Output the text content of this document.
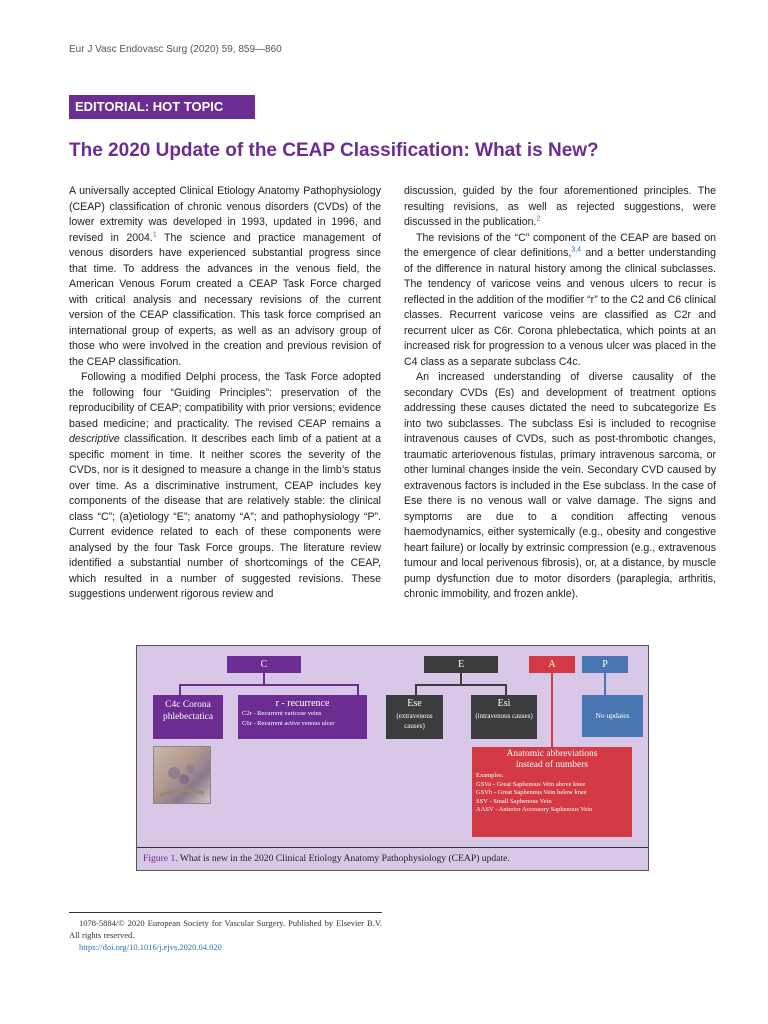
Eur J Vasc Endovasc Surg (2020) 59, 859—860
EDITORIAL: HOT TOPIC
The 2020 Update of the CEAP Classification: What is New?

A universally accepted Clinical Etiology Anatomy Pathophysiology (CEAP) classification of chronic venous disorders (CVDs) of the lower extremity was developed in 1993, updated in 1996, and revised in 2004.$^1$ The science and practice management of venous disorders have experienced substantial progress since that time. To address the advances in the venous field, the American Venous Forum created a CEAP Task Force charged with critical analysis and necessary revisions of the current version of the CEAP classification. This task force comprised an international group of experts, as well as an advisory group of those who were involved in the creation and previous revision of the CEAP classification.

Following a modified Delphi process, the Task Force adopted the following four “Guiding Principles”: preservation of the reproducibility of CEAP; compatibility with prior versions; evidence based medicine; and practicality. The revised CEAP remains a descriptive classification. It describes each limb of a patient at a specific moment in time. It neither scores the severity of the CVDs, nor is it designed to measure a change in the limb’s status over time. As a discriminative instrument, CEAP includes key components of the disease that are relatively stable: the clinical class “C”; (a)etiology “E”; anatomy “A”; and pathophysiology “P”. Current evidence related to each of these components were analysed by the four Task Force groups. The literature review identified a substantial number of shortcomings of the CEAP, which resulted in a number of suggested revisions. These suggestions underwent rigorous review and

discussion, guided by the four aforementioned principles. The resulting revisions, as well as rejected suggestions, were discussed in the publication.$^2$

The revisions of the “C” component of the CEAP are based on the emergence of clear definitions,$^{3,4}$ and a better understanding of the difference in natural history among the clinical subclasses. The tendency of varicose veins and venous ulcers to recur is reflected in the addition of the modifier “r” to the C2 and C6 clinical classes. Recurrent varicose veins are classified as C2r and recurrent ulcer as C6r. Corona phlebectatica, which points at an increased risk for progression to a venous ulcer was placed in the C4 class as a separate subclass C4c.

An increased understanding of diverse causality of the secondary CVDs (Es) and development of treatment options addressing these causes dictated the need to subcategorize Es into two subclasses. The subclass Esi is included to recognise intravenous causes of CVDs, such as post-thrombotic changes, traumatic arteriovenous fistulas, primary intravenous sarcoma, or other luminal changes inside the vein. Secondary CVD caused by extravenous factors is included in the Ese subclass. In the case of Ese there is no venous wall or valve damage. The signs and symptoms are due to a condition affecting venous haemodynamics, either systemically (e.g., obesity and congestive heart failure) or locally by extrinsic compression (e.g., extravenous tumour and local perivenous fibrosis), or, at a distance, by muscle pump dysfunction due to motor disorders (paraplegia, arthritis, chronic immobility, and frozen ankle).

C	E	A	P
C4c Corona phlebectatica
r - recurrence
C2r - Recurrent varicose veins
C6r - Recurrent active venous ulcer
Ese
(extravenous causes)
Esi
(intravenous causes)	No updates
Anatomic abbreviations instead of numbers
Examples:
GSVa - Great Saphenous Vein above knee
GSVb - Great Saphenous Vein below knee
SSV - Small Saphenous Vein
AASV - Anterior Accessory Saphenous Vein
Figure 1. What is new in the 2020 Clinical Etiology Anatomy Pathophysiology (CEAP) update.
1078-5884/© 2020 European Society for Vascular Surgery. Published by Elsevier B.V. All rights reserved.
https://doi.org/10.1016/j.ejvs.2020.04.020
